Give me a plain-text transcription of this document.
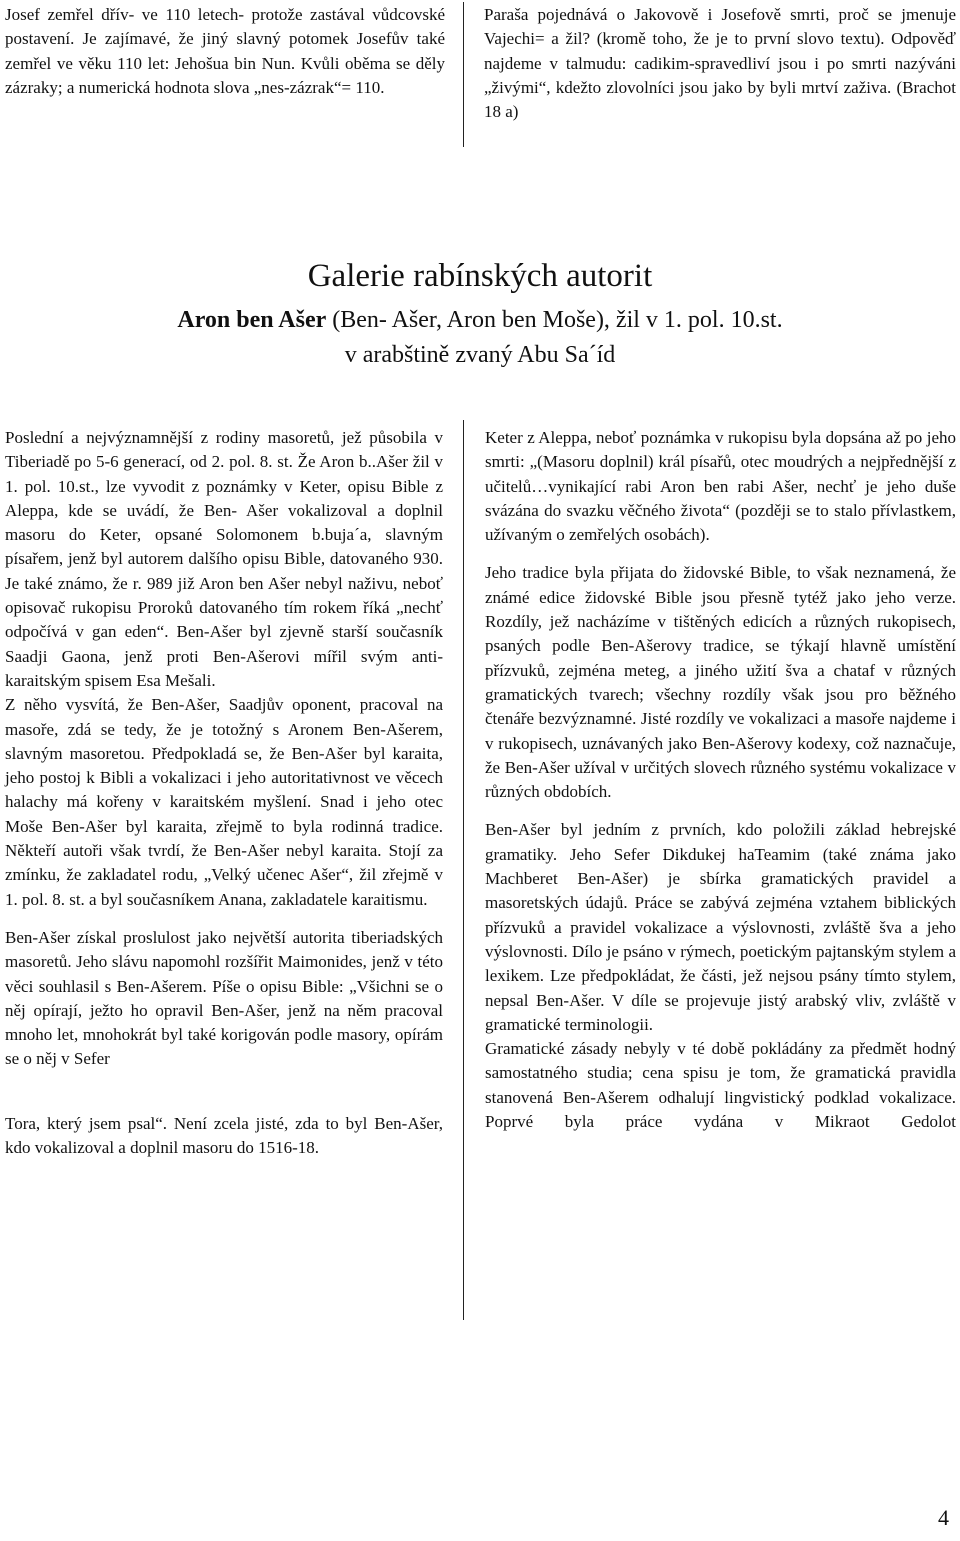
Josef zemřel dřív- ve 110 letech- protože zastával vůdcovské postavení. Je zajímavé, že jiný slavný potomek Josefův také zemřel ve věku 110 let: Jehošua bin Nun. Kvůli oběma se děly zázraky; a numerická hodnota slova „nes-zázrak“= 110.

Paraša pojednává o Jakovově i Josefově smrti, proč se jmenuje Vajechi= a žil? (kromě toho, že je to první slovo textu). Odpověď najdeme v talmudu: cadikim-spravedliví jsou i po smrti nazýváni „živými“, kdežto zlovolníci jsou jako by byli mrtví zaživa. (Brachot 18 a)

Galerie rabínských autorit
Aron ben Ašer (Ben- Ašer, Aron ben Moše), žil v 1. pol. 10.st.
v arabštině zvaný Abu Sa´íd

Poslední a nejvýznamnější z rodiny masoretů, jež působila v Tiberiadě po 5-6 generací, od 2. pol. 8. st. Že Aron b..Ašer žil v 1. pol. 10.st., lze vyvodit z poznámky v Keter, opisu Bible z Aleppa, kde se uvádí, že Ben- Ašer vokalizoval a doplnil masoru do Keter, opsané Solomonem b.buja´a, slavným písařem, jenž byl autorem dalšího opisu Bible, datovaného 930. Je také známo, že r. 989 již Aron ben Ašer nebyl naživu, neboť opisovač rukopisu Proroků datovaného tím rokem říká „nechť odpočívá v gan eden“. Ben-Ašer byl zjevně starší současník Saadji Gaona, jenž proti Ben-Ašerovi mířil svým anti-karaitským spisem Esa Mešali.

Z něho vysvítá, že Ben-Ašer, Saadjův oponent, pracoval na masoře, zdá se tedy, že je totožný s Aronem Ben-Ašerem, slavným masoretou. Předpokladá se, že Ben-Ašer byl karaita, jeho postoj k Bibli a vokalizaci i jeho autoritativnost ve věcech halachy má kořeny v karaitském myšlení. Snad i jeho otec Moše Ben-Ašer byl karaita, zřejmě to byla rodinná tradice. Někteří autoři však tvrdí, že Ben-Ašer nebyl karaita. Stojí za zmínku, že zakladatel rodu, „Velký učenec Ašer“, žil zřejmě v 1. pol. 8. st. a byl současníkem Anana, zakladatele karaitismu.

Ben-Ašer získal proslulost jako největší autorita tiberiadských masoretů. Jeho slávu napomohl rozšířit Maimonides, jenž v této věci souhlasil s Ben-Ašerem. Píše o opisu Bible: „Všichni se o něj opírají, ježto ho opravil Ben-Ašer, jenž na něm pracoval mnoho let, mnohokrát byl také korigován podle masory, opírám se o něj v Sefer

Tora, který jsem psal“. Není zcela jisté, zda to byl Ben-Ašer, kdo vokalizoval a doplnil masoru do 1516-18.

Keter z Aleppa, neboť poznámka v rukopisu byla dopsána až po jeho smrti: „(Masoru doplnil) král písařů, otec moudrých a nejpřednější z učitelů…vynikající rabi Aron ben rabi Ašer, nechť je jeho duše svázána do svazku věčného života“ (později se to stalo přívlastkem, užívaným o zemřelých osobách).

Jeho tradice byla přijata do židovské Bible, to však neznamená, že známé edice židovské Bible jsou přesně tytéž jako jeho verze. Rozdíly, jež nacházíme v tištěných edicích a různých rukopisech, psaných podle Ben-Ašerovy tradice, se týkají hlavně umístění přízvuků, zejména meteg, a jiného užití šva a chataf v různých gramatických tvarech; všechny rozdíly však jsou pro běžného čtenáře bezvýznamné. Jisté rozdíly ve vokalizaci a masoře najdeme i v rukopisech, uznávaných jako Ben-Ašerovy kodexy, což naznačuje, že Ben-Ašer užíval v určitých slovech různého systému vokalizace v různých obdobích.

Ben-Ašer byl jedním z prvních, kdo položili základ hebrejské gramatiky. Jeho Sefer Dikdukej haTeamim (také známa jako Machberet Ben-Ašer) je sbírka gramatických pravidel a masoretských údajů. Práce se zabývá zejména vztahem biblických přízvuků a pravidel vokalizace a výslovnosti, zvláště šva a jeho výslovnosti. Dílo je psáno v rýmech, poetickým pajtanským stylem a lexikem. Lze předpokládat, že části, jež nejsou psány tímto stylem, nepsal Ben-Ašer. V díle se projevuje jistý arabský vliv, zvláště v gramatické terminologii.

Gramatické zásady nebyly v té době pokládány za předmět hodný samostatného studia; cena spisu je tom, že gramatická pravidla stanovená Ben-Ašerem odhalují lingvistický podklad vokalizace. Poprvé byla práce vydána v Mikraot Gedolot

4
